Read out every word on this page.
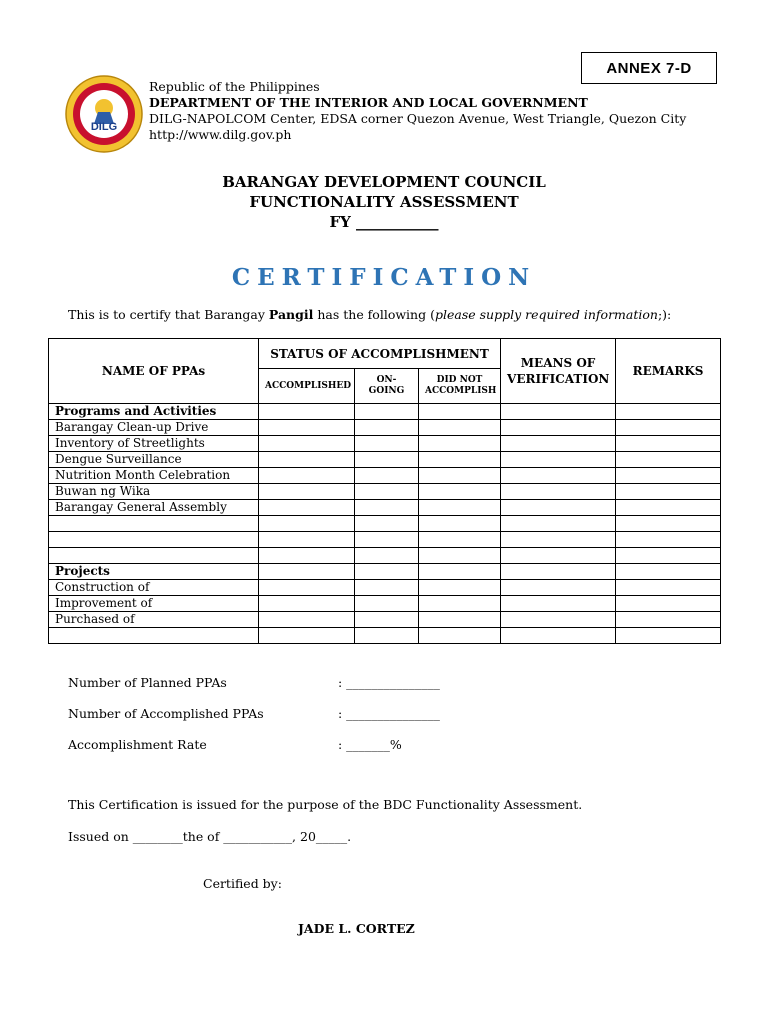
ANNEX 7-D
DILG
Republic of the Philippines
DEPARTMENT OF THE INTERIOR AND LOCAL GOVERNMENT
DILG-NAPOLCOM Center, EDSA corner Quezon Avenue, West Triangle, Quezon City
http://www.dilg.gov.ph
BARANGAY DEVELOPMENT COUNCIL
FUNCTIONALITY ASSESSMENT
FY ___________
CERTIFICATION
This is to certify that Barangay Pangil has the following (please supply required information;):
NAME OF PPAs	STATUS OF ACCOMPLISHMENT			MEANS OF VERIFICATION	REMARKS
	ACCOMPLISHED	ON-GOING	DID NOT ACCOMPLISH		
Programs and Activities					
Barangay Clean-up Drive					
Inventory of Streetlights					
Dengue Surveillance					
Nutrition Month Celebration					
Buwan ng Wika					
Barangay General Assembly					

Projects					
Construction of					
Improvement of					
Purchased of					

Number of Planned PPAs	: _______________
Number of Accomplished PPAs	: _______________
Accomplishment Rate	: _______%
This Certification is issued for the purpose of the BDC Functionality Assessment.
Issued on ________the of ___________, 20_____.
Certified by:
JADE L. CORTEZ
